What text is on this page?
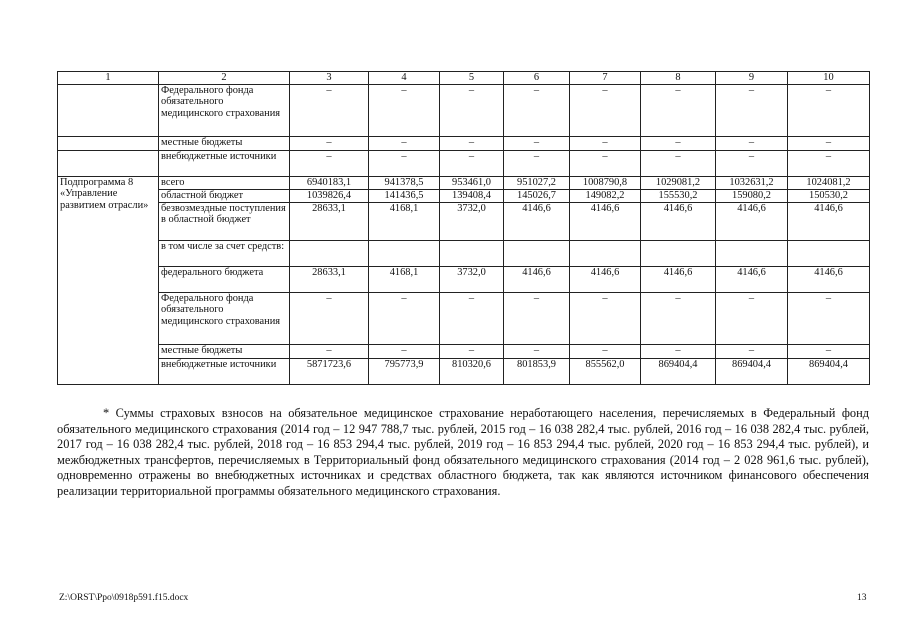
1	2	3	4	5	6	7	8	9	10
	Федерального фонда обязательного медицинского страхования	–	–	–	–	–	–	–	–
	местные бюджеты	–	–	–	–	–	–	–	–
	внебюджетные источники	–	–	–	–	–	–	–	–
Подпрограмма 8 «Управление развитием отрасли»	всего	6940183,1	941378,5	953461,0	951027,2	1008790,8	1029081,2	1032631,2	1024081,2
	областной бюджет	1039826,4	141436,5	139408,4	145026,7	149082,2	155530,2	159080,2	150530,2
	безвозмездные поступления в областной бюджет	28633,1	4168,1	3732,0	4146,6	4146,6	4146,6	4146,6	4146,6
	в том числе за счет средств:								
	федерального бюджета	28633,1	4168,1	3732,0	4146,6	4146,6	4146,6	4146,6	4146,6
	Федерального фонда обязательного медицинского страхования	–	–	–	–	–	–	–	–
	местные бюджеты	–	–	–	–	–	–	–	–
	внебюджетные источники	5871723,6	795773,9	810320,6	801853,9	855562,0	869404,4	869404,4	869404,4

* Суммы страховых взносов на обязательное медицинское страхование неработающего населения, перечисляемых в Федеральный фонд обязательного медицинского страхования (2014 год – 12 947 788,7 тыс. рублей, 2015 год – 16 038 282,4 тыс. рублей, 2016 год – 16 038 282,4 тыс. рублей, 2017 год – 16 038 282,4 тыс. рублей, 2018 год – 16 853 294,4 тыс. рублей, 2019 год – 16 853 294,4 тыс. рублей, 2020 год – 16 853 294,4 тыс. рублей), и межбюджетных трансфертов, перечисляемых в Территориальный фонд обязательного медицинского страхования (2014 год – 2 028 961,6 тыс. рублей), одновременно отражены во внебюджетных источниках и средствах областного бюджета, так как являются источником финансового обеспечения реализации территориальной программы обязательного медицинского страхования.

Z:\ORST\Ppo\0918p591.f15.docx	13
